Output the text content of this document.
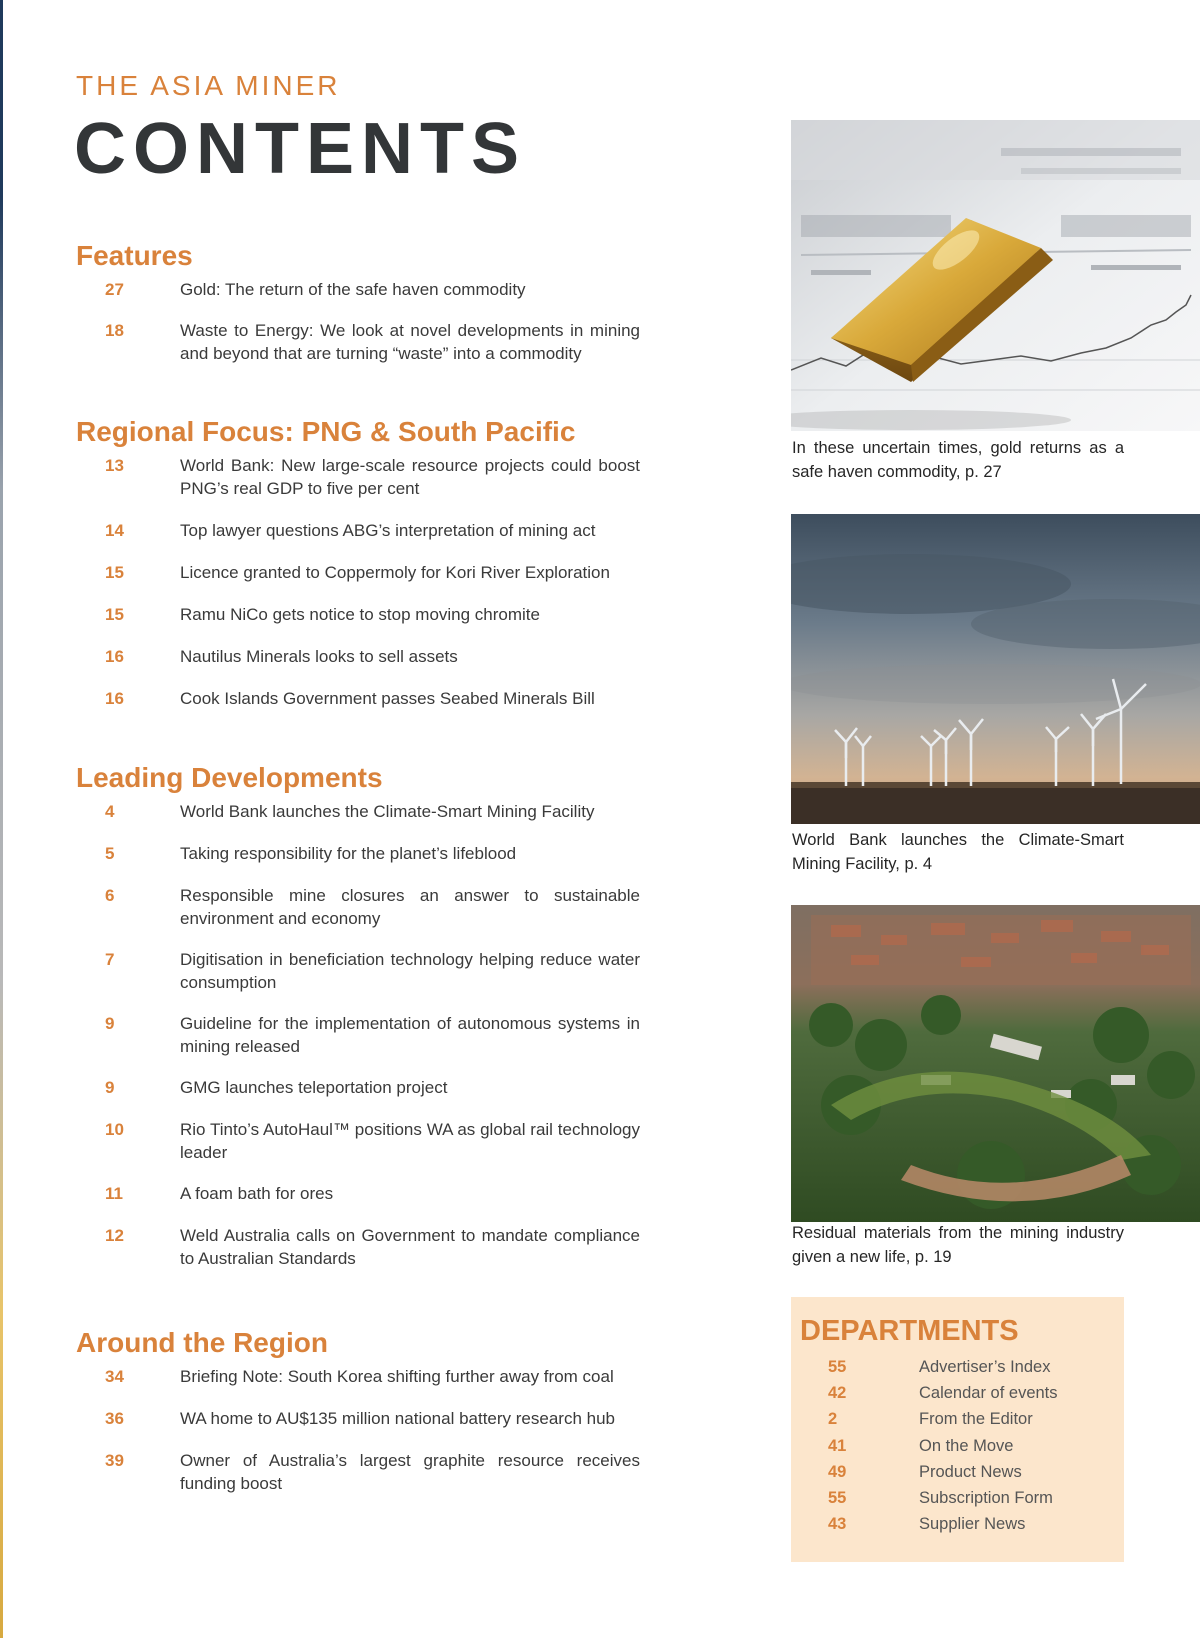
THE ASIA MINER
CONTENTS
Features
27	Gold: The return of the safe haven commodity
18	Waste to Energy: We look at novel developments in mining and beyond that are turning “waste” into a commodity
Regional Focus: PNG & South Pacific
13	World Bank: New large-scale resource projects could boost PNG’s real GDP to five per cent
14	Top lawyer questions ABG’s interpretation of mining act
15	Licence granted to Coppermoly for Kori River Exploration
15	Ramu NiCo gets notice to stop moving chromite
16	Nautilus Minerals looks to sell assets
16	Cook Islands Government passes Seabed Minerals Bill
Leading Developments
4	World Bank launches the Climate-Smart Mining Facility
5	Taking responsibility for the planet’s lifeblood
6	Responsible mine closures an answer to sustainable environment and economy
7	Digitisation in beneficiation technology helping reduce water consumption
9	Guideline for the implementation of autonomous systems in mining released
9	GMG launches teleportation project
10	Rio Tinto’s AutoHaul™ positions WA as global rail technology leader
11	A foam bath for ores
12	Weld Australia calls on Government to mandate compliance to Australian Standards
Around the Region
34	Briefing Note: South Korea shifting further away from coal
36	WA home to AU$135 million national battery research hub
39	Owner of Australia’s largest graphite resource receives funding boost
In these uncertain times, gold returns as a safe haven commodity, p. 27
World Bank launches the Climate-Smart Mining Facility, p. 4
Residual materials from the mining industry given a new life, p. 19
DEPARTMENTS
55	Advertiser’s Index
42	Calendar of events
2	From the Editor
41	On the Move
49	Product News
55	Subscription Form
43	Supplier News
